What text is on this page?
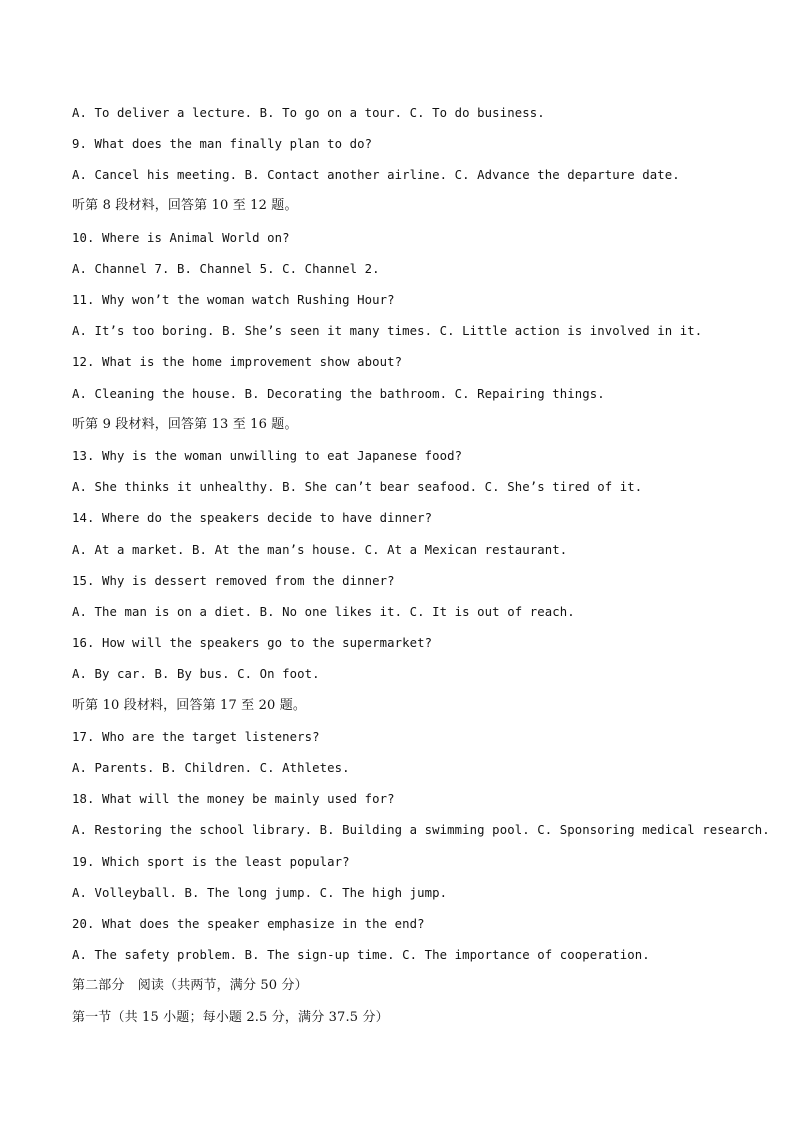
A. To deliver a lecture. B. To go on a tour. C. To do business.

9. What does the man finally plan to do?

A. Cancel his meeting. B. Contact another airline. C. Advance the departure date.

听第 8 段材料，回答第 10 至 12 题。

10. Where is Animal World on?

A. Channel 7. B. Channel 5. C. Channel 2.

11. Why won’t the woman watch Rushing Hour?

A. It’s too boring. B. She’s seen it many times. C. Little action is involved in it.

12. What is the home improvement show about?

A. Cleaning the house. B. Decorating the bathroom. C. Repairing things.

听第 9 段材料，回答第 13 至 16 题。

13. Why is the woman unwilling to eat Japanese food?

A. She thinks it unhealthy. B. She can’t bear seafood. C. She’s tired of it.

14. Where do the speakers decide to have dinner?

A. At a market. B. At the man’s house. C. At a Mexican restaurant.

15. Why is dessert removed from the dinner?

A. The man is on a diet. B. No one likes it. C. It is out of reach.

16. How will the speakers go to the supermarket?

A. By car. B. By bus. C. On foot.

听第 10 段材料，回答第 17 至 20 题。

17. Who are the target listeners?

A. Parents. B. Children. C. Athletes.

18. What will the money be mainly used for?

A. Restoring the school library. B. Building a swimming pool. C. Sponsoring medical research.

19. Which sport is the least popular?

A. Volleyball. B. The long jump. C. The high jump.

20. What does the speaker emphasize in the end?

A. The safety problem. B. The sign-up time. C. The importance of cooperation.

第二部分　阅读（共两节，满分 50 分）

第一节（共 15 小题；每小题 2.5 分，满分 37.5 分）
